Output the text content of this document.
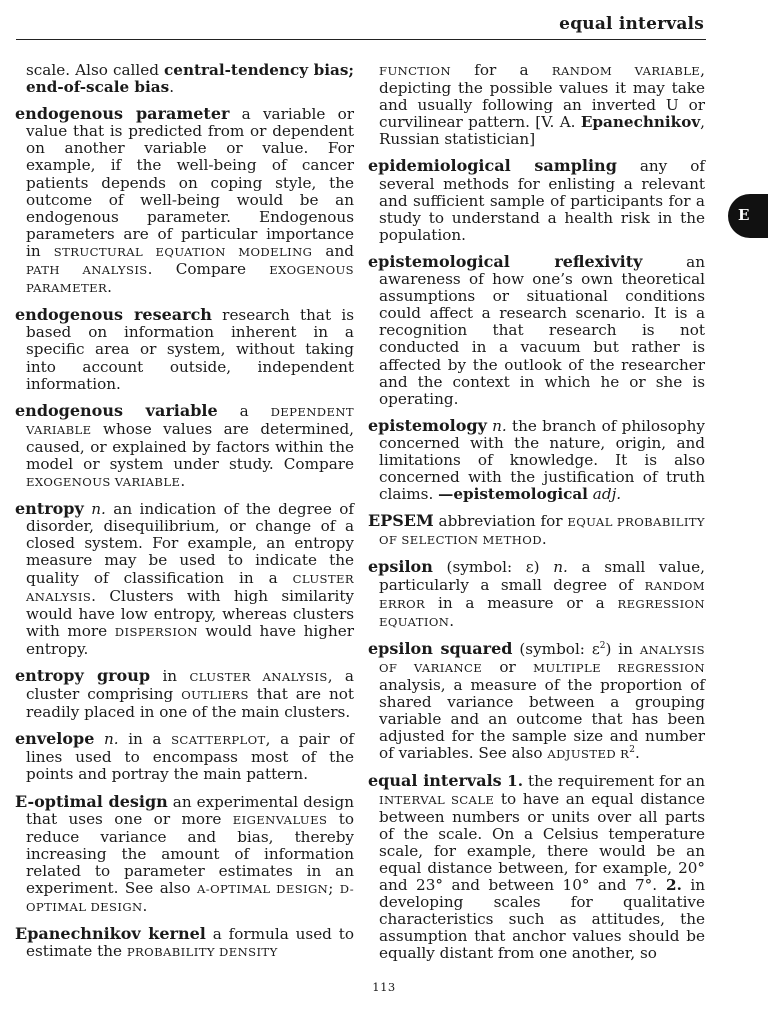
equal intervals
E

scale. Also called central-tendency bias; end-of-scale bias.

endogenous parameter a variable or value that is predicted from or dependent on another variable or value. For example, if the well-being of cancer patients depends on coping style, the outcome of well-being would be an endogenous parameter. Endogenous parameters are of particular importance in STRUCTURAL EQUATION MODELING and PATH ANALYSIS. Compare EXOGENOUS PARAMETER.

endogenous research research that is based on information inherent in a specific area or system, without taking into account outside, independent information.

endogenous variable a DEPENDENT VARIABLE whose values are determined, caused, or explained by factors within the model or system under study. Compare EXOGENOUS VARIABLE.

entropy n. an indication of the degree of disorder, disequilibrium, or change of a closed system. For example, an entropy measure may be used to indicate the quality of classification in a CLUSTER ANALYSIS. Clusters with high similarity would have low entropy, whereas clusters with more DISPERSION would have higher entropy.

entropy group in CLUSTER ANALYSIS, a cluster comprising OUTLIERS that are not readily placed in one of the main clusters.

envelope n. in a SCATTERPLOT, a pair of lines used to encompass most of the points and portray the main pattern.

E-optimal design an experimental design that uses one or more EIGENVALUES to reduce variance and bias, thereby increasing the amount of information related to parameter estimates in an experiment. See also A-OPTIMAL DESIGN; D-OPTIMAL DESIGN.

Epanechnikov kernel a formula used to estimate the PROBABILITY DENSITY

FUNCTION for a RANDOM VARIABLE, depicting the possible values it may take and usually following an inverted U or curvilinear pattern. [V. A. Epanechnikov, Russian statistician]

epidemiological sampling any of several methods for enlisting a relevant and sufficient sample of participants for a study to understand a health risk in the population.

epistemological reflexivity an awareness of how one’s own theoretical assumptions or situational conditions could affect a research scenario. It is a recognition that research is not conducted in a vacuum but rather is affected by the outlook of the researcher and the context in which he or she is operating.

epistemology n. the branch of philosophy concerned with the nature, origin, and limitations of knowledge. It is also concerned with the justification of truth claims. —epistemological adj.

EPSEM abbreviation for EQUAL PROBABILITY OF SELECTION METHOD.

epsilon (symbol: ε) n. a small value, particularly a small degree of RANDOM ERROR in a measure or a REGRESSION EQUATION.

epsilon squared (symbol: $\varepsilon^2$) in ANALYSIS OF VARIANCE or MULTIPLE REGRESSION analysis, a measure of the proportion of shared variance between a grouping variable and an outcome that has been adjusted for the sample size and number of variables. See also ADJUSTED $R^2$.

equal intervals 1. the requirement for an INTERVAL SCALE to have an equal distance between numbers or units over all parts of the scale. On a Celsius temperature scale, for example, there would be an equal distance between, for example, 20° and 23° and between 10° and 7°. 2. in developing scales for qualitative characteristics such as attitudes, the assumption that anchor values should be equally distant from one another, so

113
